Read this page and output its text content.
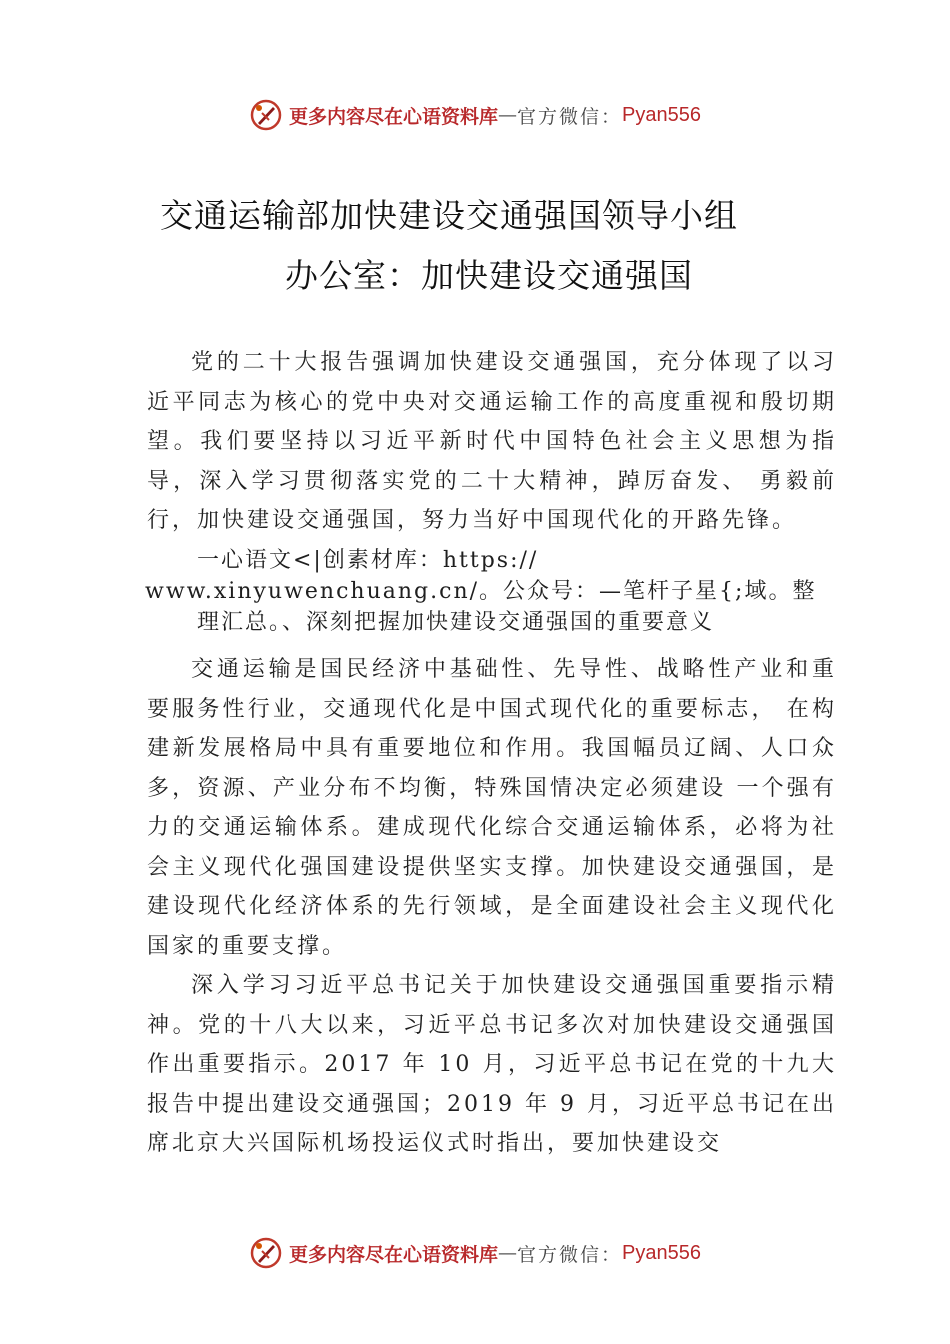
更多内容尽在心语资料库 — 官方微信： Pyan556
交通运输部加快建设交通强国领导小组
办公室：加快建设交通强国

党的二十大报告强调加快建设交通强国，充分体现了以习近平同志为核心的党中央对交通运输工作的高度重视和殷切期望。我们要坚持以习近平新时代中国特色社会主义思想为指导，深入学习贯彻落实党的二十大精神，踔厉奋发、 勇毅前行，加快建设交通强国，努力当好中国现代化的开路先锋。

一心语文<|创素材库：https://
www.xinyuwenchuang.cn/。公众号：—笔杆子星{;域。整
理汇总。、深刻把握加快建设交通强国的重要意义

交通运输是国民经济中基础性、先导性、战略性产业和重要服务性行业，交通现代化是中国式现代化的重要标志， 在构建新发展格局中具有重要地位和作用。我国幅员辽阔、人口众多，资源、产业分布不均衡，特殊国情决定必须建设 一个强有力的交通运输体系。建成现代化综合交通运输体系，必将为社会主义现代化强国建设提供坚实支撑。加快建设交通强国，是建设现代化经济体系的先行领域，是全面建设社会主义现代化国家的重要支撑。

深入学习习近平总书记关于加快建设交通强国重要指示精神。党的十八大以来，习近平总书记多次对加快建设交通强国作出重要指示。2017 年 10 月，习近平总书记在党的十九大报告中提出建设交通强国；2019 年 9 月，习近平总书记在出席北京大兴国际机场投运仪式时指出，要加快建设交

更多内容尽在心语资料库 — 官方微信： Pyan556
